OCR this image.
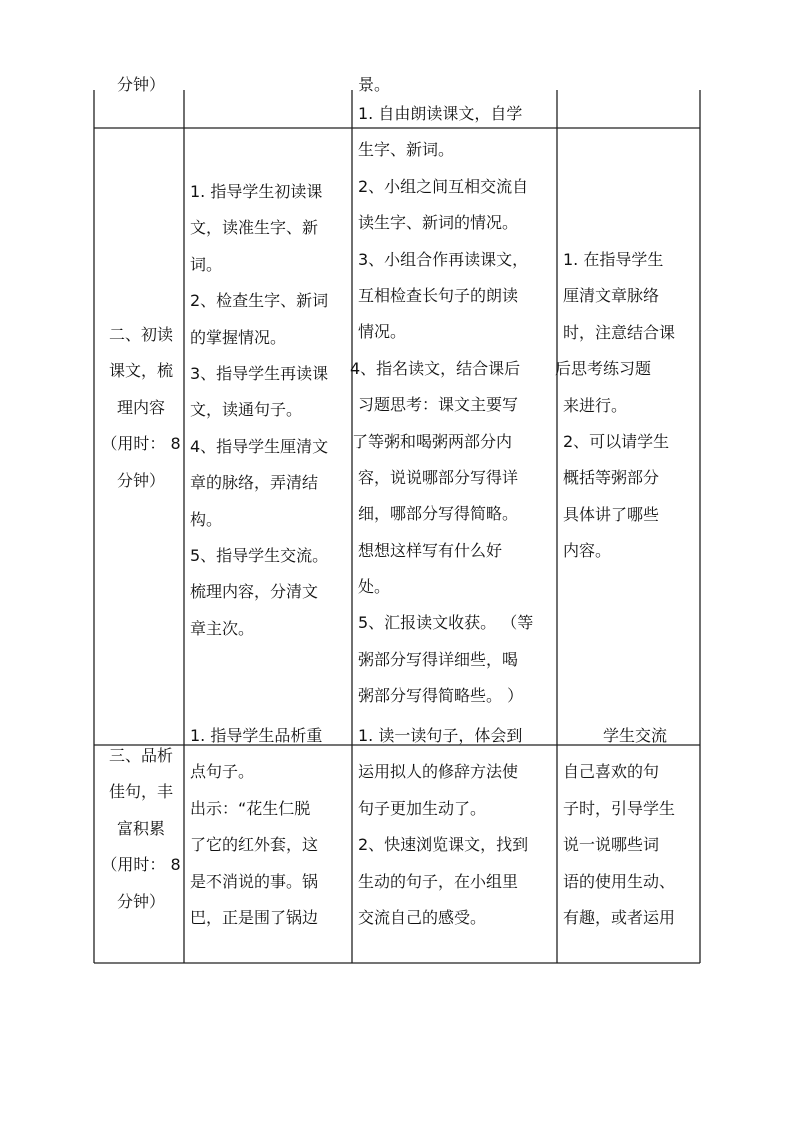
分钟）	景。
二、初读
课文，梳
理内容
（用时： 8
分钟）
1. 指导学生初读课
文，读准生字、新
词。
2、检查生字、新词
的掌握情况。
3、指导学生再读课
文，读通句子。
4、指导学生厘清文
章的脉络，弄清结
构。
5、指导学生交流。
梳理内容，分清文
章主次。
1. 自由朗读课文，自学
生字、新词。
2、小组之间互相交流自
读生字、新词的情况。
3、小组合作再读课文，
互相检查长句子的朗读
情况。
4、指名读文，结合课后
习题思考：课文主要写
了等粥和喝粥两部分内
容，说说哪部分写得详
细，哪部分写得简略。
想想这样写有什么好
处。
5、汇报读文收获。 （等
粥部分写得详细些，喝
粥部分写得简略些。 ）
1. 在指导学生
厘清文章脉络
时，注意结合课
后思考练习题
来进行。
2、可以请学生
概括等粥部分
具体讲了哪些
内容。
三、品析
佳句，丰
富积累
（用时： 8
分钟）
1. 指导学生品析重
点句子。
出示：“花生仁脱
了它的红外套，这
是不消说的事。锅
巴，正是围了锅边
1. 读一读句子，体会到
运用拟人的修辞方法使
句子更加生动了。
2、快速浏览课文，找到
生动的句子，在小组里
交流自己的感受。
学生交流
自己喜欢的句
子时，引导学生
说一说哪些词
语的使用生动、
有趣，或者运用
